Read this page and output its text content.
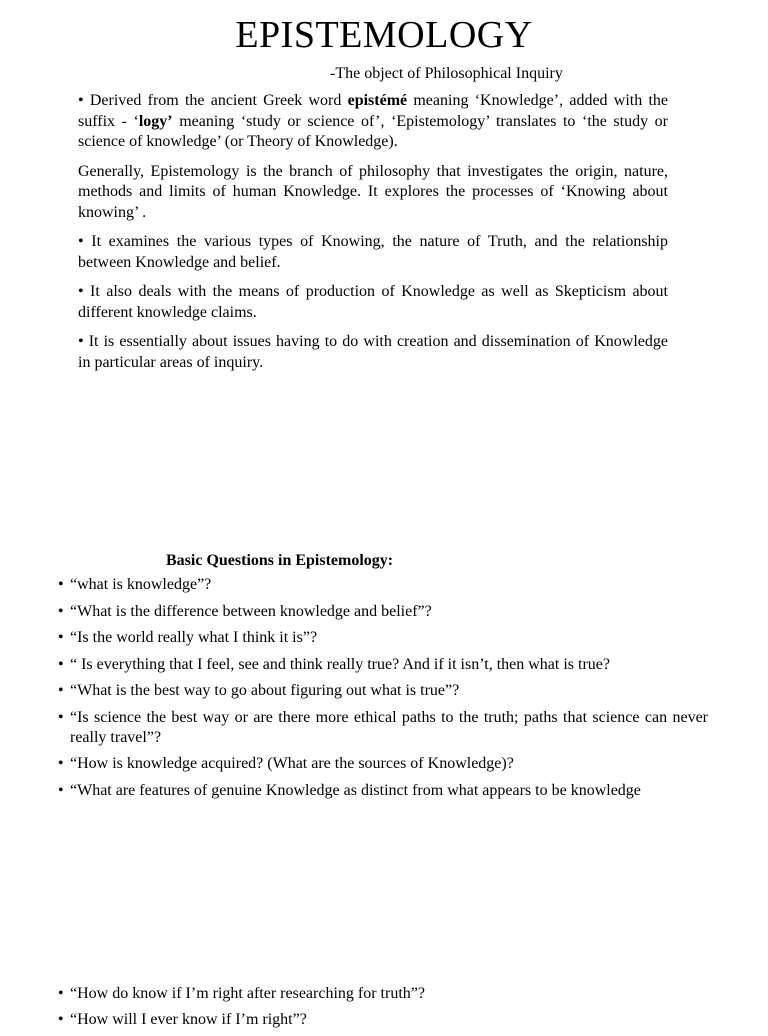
EPISTEMOLOGY
-The object of Philosophical Inquiry

• Derived from the ancient Greek word epistémé meaning ‘Knowledge’, added with the suffix - ‘logy’ meaning ‘study or science of’, ‘Epistemology’ translates to ‘the study or science of knowledge’ (or Theory of Knowledge).

Generally, Epistemology is the branch of philosophy that investigates the origin, nature, methods and limits of human Knowledge. It explores the processes of ‘Knowing about knowing’ .

• It examines the various types of Knowing, the nature of Truth, and the relationship between Knowledge and belief.

• It also deals with the means of production of Knowledge as well as Skepticism about different knowledge claims.

• It is essentially about issues having to do with creation and dissemination of Knowledge in particular areas of inquiry.

Basic Questions in Epistemology:
• “what is knowledge”?
• “What is the difference between knowledge and belief”?
• “Is the world really what I think it is”?
• “ Is everything that I feel, see and think really true? And if it isn’t, then what is true?
• “What is the best way to go about figuring out what is true”?
• “Is science the best way or are there more ethical paths to the truth; paths that science can never really travel”?
• “How is knowledge acquired? (What are the sources of Knowledge)?
• “What are features of genuine Knowledge as distinct from what appears to be knowledge
• “How do know if I’m right after researching for truth”?
• “How will I ever know if I’m right”?
